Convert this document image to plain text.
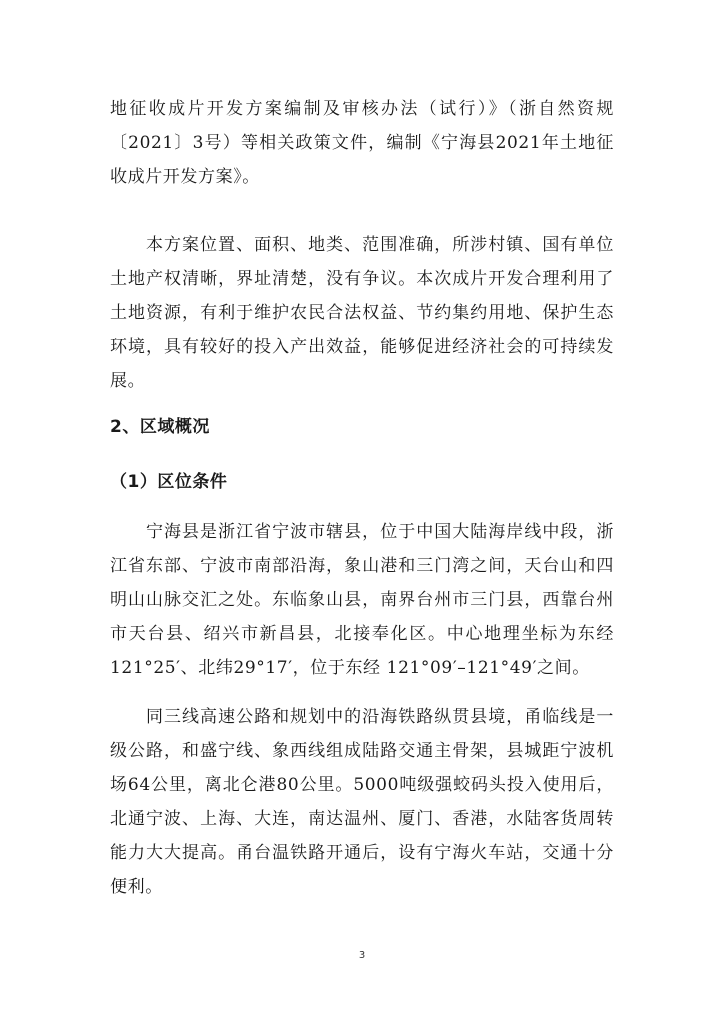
地征收成片开发方案编制及审核办法（试行）》（浙自然资规〔2021〕3号）等相关政策文件，编制《宁海县2021年土地征收成片开发方案》。

本方案位置、面积、地类、范围准确，所涉村镇、国有单位土地产权清晰，界址清楚，没有争议。本次成片开发合理利用了土地资源，有利于维护农民合法权益、节约集约用地、保护生态环境，具有较好的投入产出效益，能够促进经济社会的可持续发展。

2、区域概况
（1）区位条件

宁海县是浙江省宁波市辖县，位于中国大陆海岸线中段，浙江省东部、宁波市南部沿海，象山港和三门湾之间，天台山和四明山山脉交汇之处。东临象山县，南界台州市三门县，西靠台州市天台县、绍兴市新昌县，北接奉化区。中心地理坐标为东经121°25′、北纬29°17′，位于东经 121°09′–121°49′之间。

同三线高速公路和规划中的沿海铁路纵贯县境，甬临线是一级公路，和盛宁线、象西线组成陆路交通主骨架，县城距宁波机场64公里，离北仑港80公里。5000吨级强蛟码头投入使用后，北通宁波、上海、大连，南达温州、厦门、香港，水陆客货周转能力大大提高。甬台温铁路开通后，设有宁海火车站，交通十分便利。

3
